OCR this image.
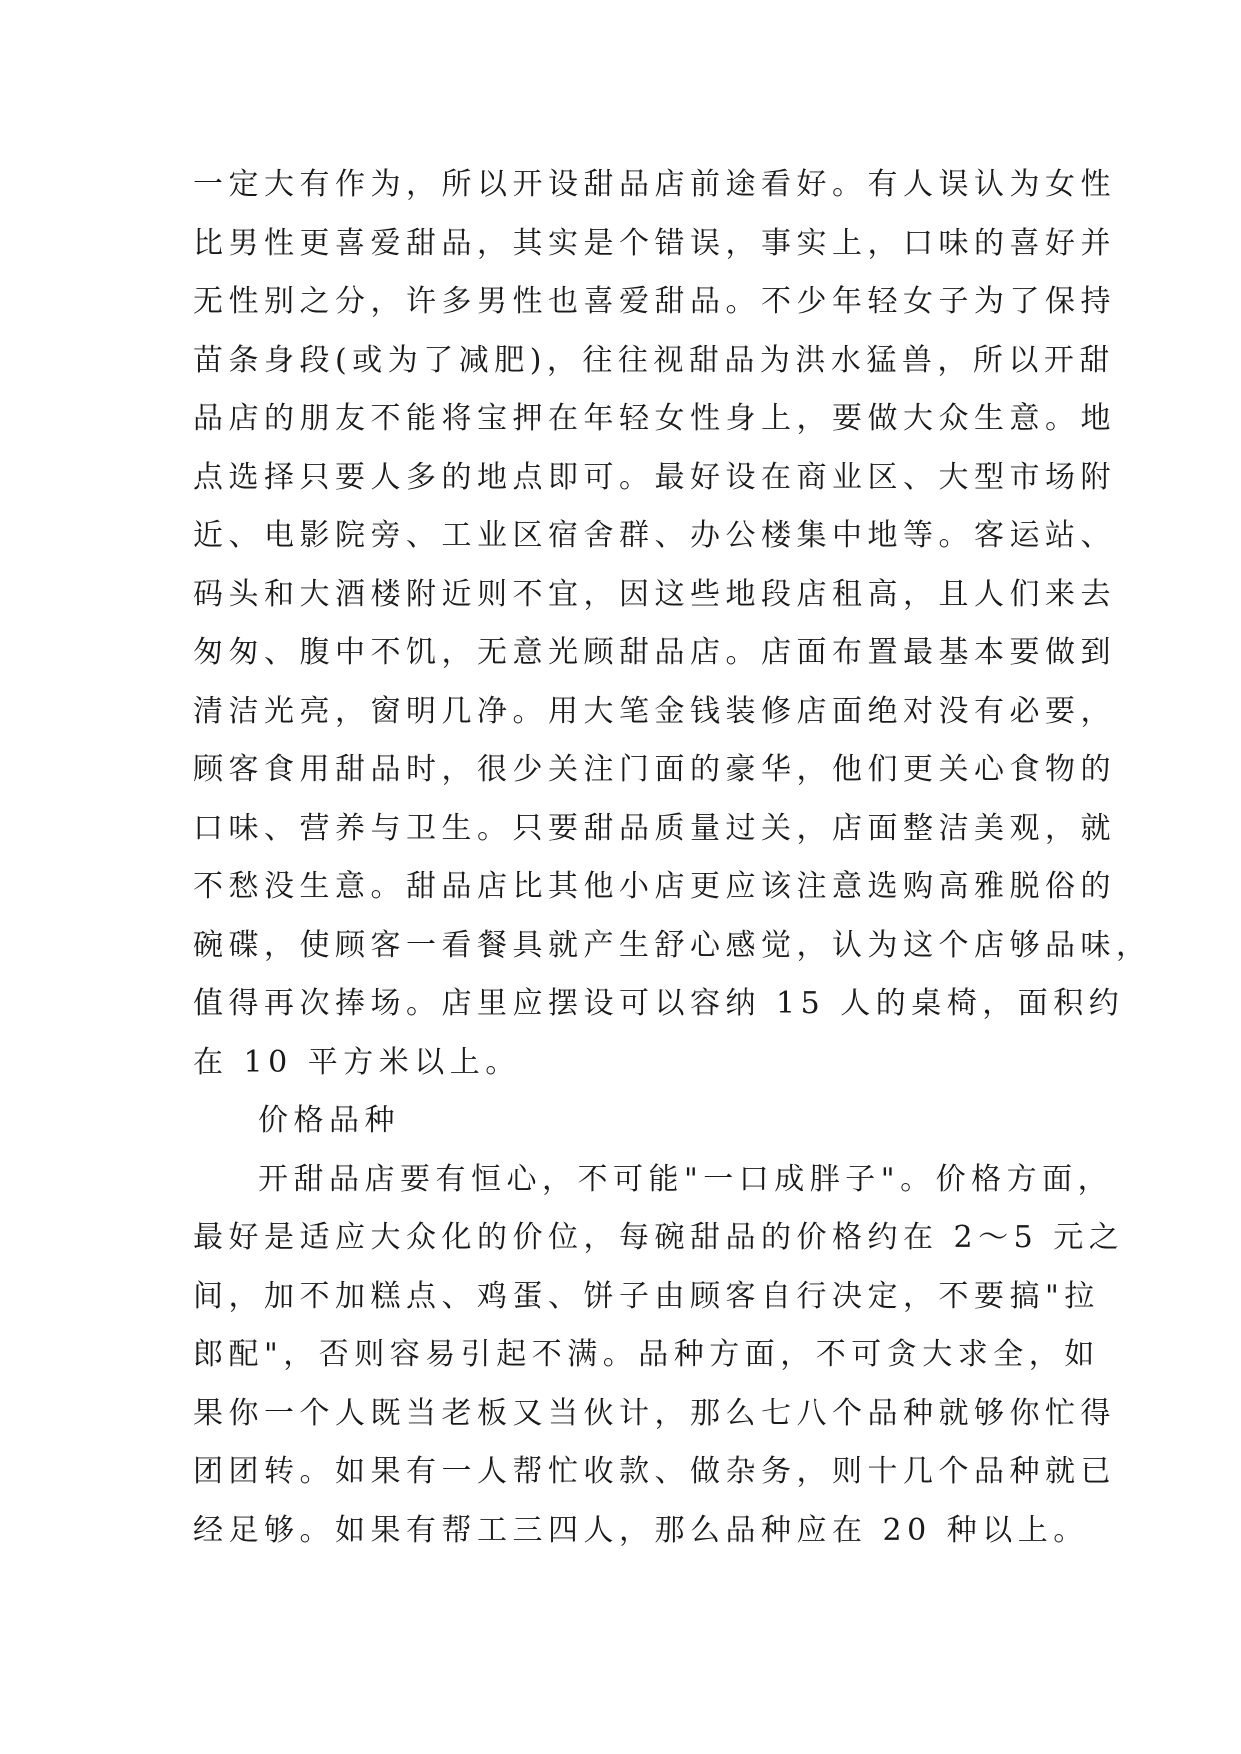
一定大有作为，所以开设甜品店前途看好。有人误认为女性
比男性更喜爱甜品，其实是个错误，事实上，口味的喜好并
无性别之分，许多男性也喜爱甜品。不少年轻女子为了保持
苗条身段(或为了减肥)，往往视甜品为洪水猛兽，所以开甜
品店的朋友不能将宝押在年轻女性身上，要做大众生意。地
点选择只要人多的地点即可。最好设在商业区、大型市场附
近、电影院旁、工业区宿舍群、办公楼集中地等。客运站、
码头和大酒楼附近则不宜，因这些地段店租高，且人们来去
匆匆、腹中不饥，无意光顾甜品店。店面布置最基本要做到
清洁光亮，窗明几净。用大笔金钱装修店面绝对没有必要，
顾客食用甜品时，很少关注门面的豪华，他们更关心食物的
口味、营养与卫生。只要甜品质量过关，店面整洁美观，就
不愁没生意。甜品店比其他小店更应该注意选购高雅脱俗的
碗碟，使顾客一看餐具就产生舒心感觉，认为这个店够品味，
值得再次捧场。店里应摆设可以容纳 15 人的桌椅，面积约
在 10 平方米以上。
价格品种
开甜品店要有恒心，不可能"一口成胖子"。价格方面，
最好是适应大众化的价位，每碗甜品的价格约在 2～5 元之
间，加不加糕点、鸡蛋、饼子由顾客自行决定，不要搞"拉
郎配"，否则容易引起不满。品种方面，不可贪大求全，如
果你一个人既当老板又当伙计，那么七八个品种就够你忙得
团团转。如果有一人帮忙收款、做杂务，则十几个品种就已
经足够。如果有帮工三四人，那么品种应在 20 种以上。
